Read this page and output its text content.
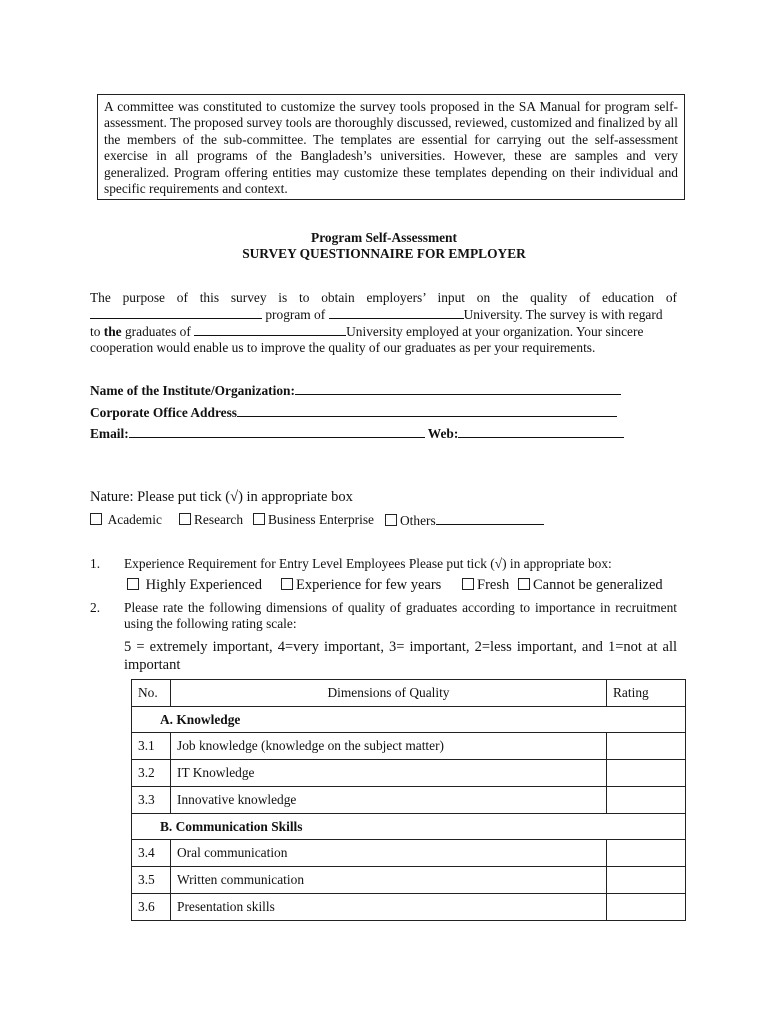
A committee was constituted to customize the survey tools proposed in the SA Manual for program self-assessment. The proposed survey tools are thoroughly discussed, reviewed, customized and finalized by all the members of the sub-committee. The templates are essential for carrying out the self-assessment exercise in all programs of the Bangladesh’s universities. However, these are samples and very generalized. Program offering entities may customize these templates depending on their individual and specific requirements and context.
Program Self-Assessment
SURVEY QUESTIONNAIRE FOR EMPLOYER
The purpose of this survey is to obtain employers’ input on the quality of education of
program of	University. The survey is with regard
to the graduates of	University employed at your organization. Your sincere
cooperation would enable us to improve the quality of our graduates as per your requirements.
Name of the Institute/Organization:
Corporate Office Address
Email:	Web:
Nature: Please put tick (√) in appropriate box
Academic	Research	Business Enterprise	Others
1. Experience Requirement for Entry Level Employees Please put tick (√) in appropriate box:
Highly Experienced	Experience for few years	Fresh	Cannot be generalized
2. Please rate the following dimensions of quality of graduates according to importance in recruitment using the following rating scale:
5 = extremely important, 4=very important, 3= important, 2=less important, and 1=not at all important
No.	Dimensions of Quality	Rating
A. Knowledge		
3.1	Job knowledge (knowledge on the subject matter)	
3.2	IT Knowledge	
3.3	Innovative knowledge	
B. Communication Skills		
3.4	Oral communication	
3.5	Written communication	
3.6	Presentation skills	
